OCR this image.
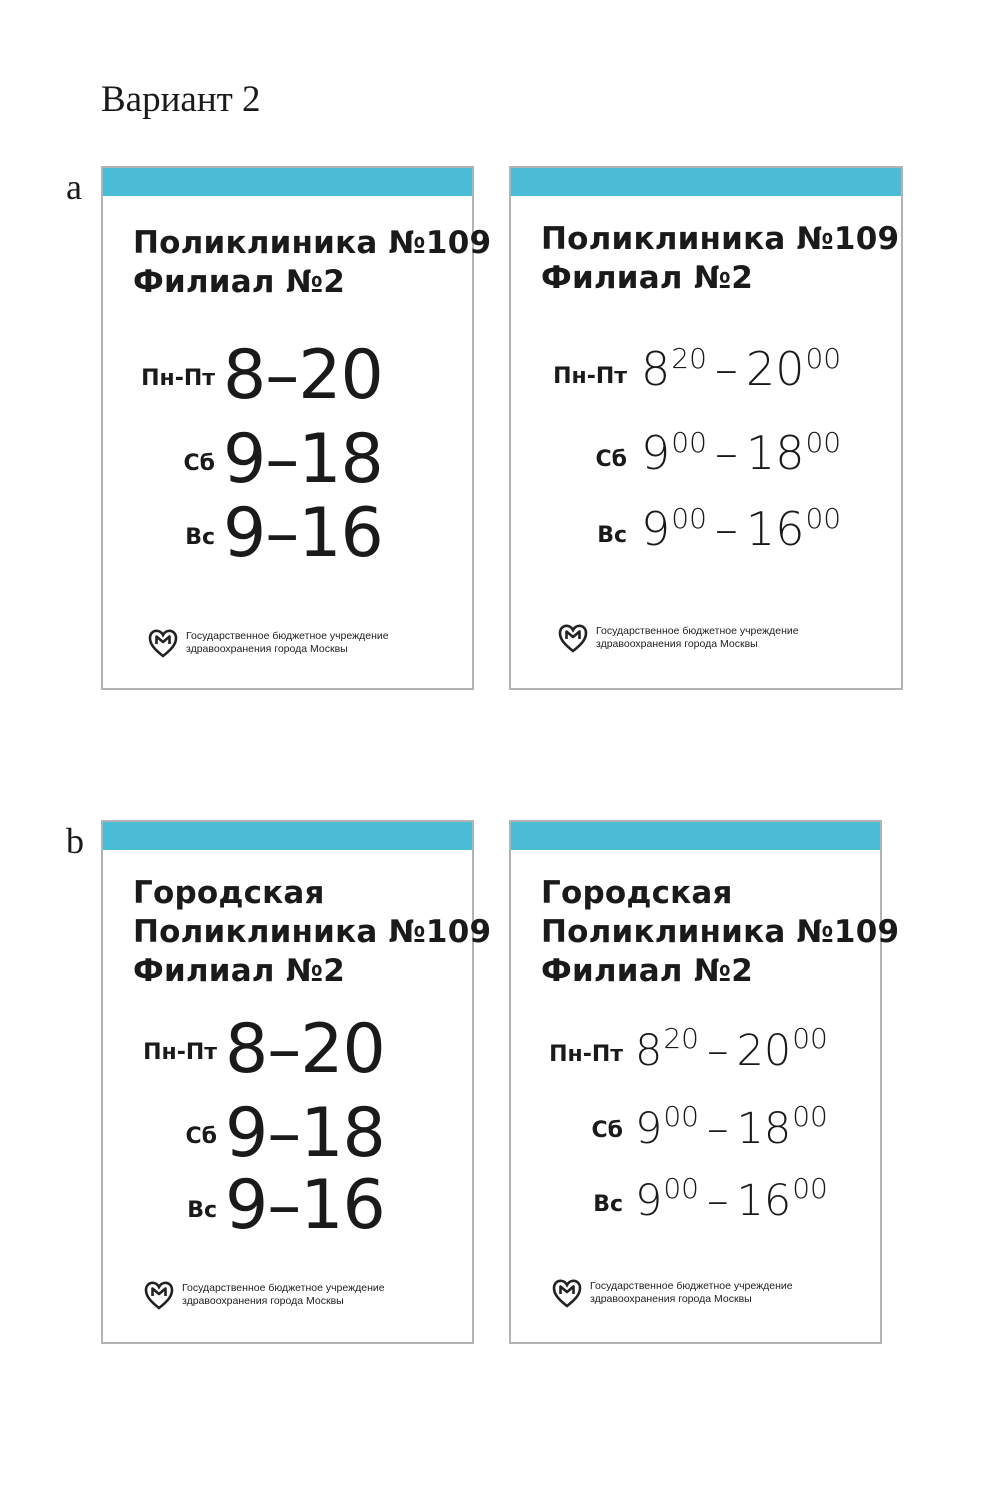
Вариант 2
a
Поликлиника №109
Филиал №2
Пн-Пт 8–20
Сб 9–18
Вс 9–16
Государственное бюджетное учреждение
здравоохранения города Москвы
Поликлиника №109
Филиал №2
Пн-Пт $8^{20} - 20^{00}$
Сб $9^{00} - 18^{00}$
Вс $9^{00} - 16^{00}$
Государственное бюджетное учреждение
здравоохранения города Москвы
b
Городская
Поликлиника №109
Филиал №2
Пн-Пт 8–20
Сб 9–18
Вс 9–16
Государственное бюджетное учреждение
здравоохранения города Москвы
Городская
Поликлиника №109
Филиал №2
Пн-Пт $8^{20} - 20^{00}$
Сб $9^{00} - 18^{00}$
Вс $9^{00} - 16^{00}$
Государственное бюджетное учреждение
здравоохранения города Москвы
